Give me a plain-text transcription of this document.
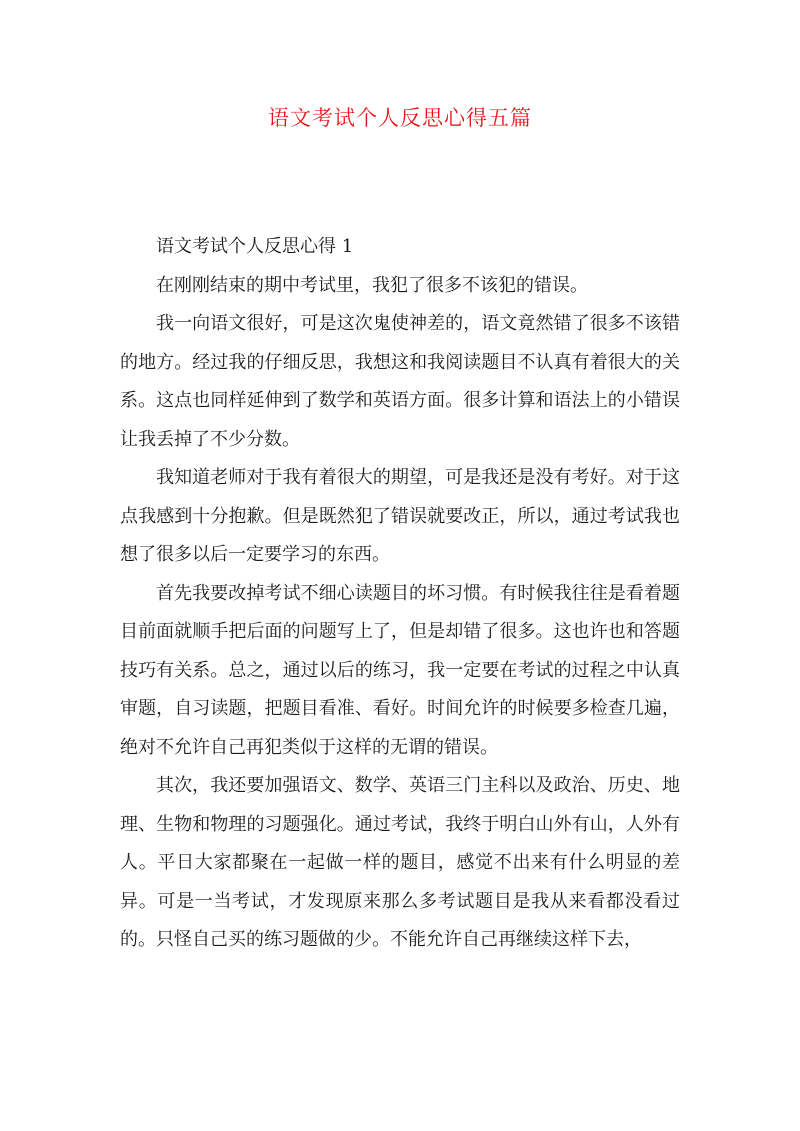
语文考试个人反思心得五篇

语文考试个人反思心得 1

在刚刚结束的期中考试里，我犯了很多不该犯的错误。

我一向语文很好，可是这次鬼使神差的，语文竟然错了很多不该错的地方。经过我的仔细反思，我想这和我阅读题目不认真有着很大的关系。这点也同样延伸到了数学和英语方面。很多计算和语法上的小错误让我丢掉了不少分数。

我知道老师对于我有着很大的期望，可是我还是没有考好。对于这点我感到十分抱歉。但是既然犯了错误就要改正，所以，通过考试我也想了很多以后一定要学习的东西。

首先我要改掉考试不细心读题目的坏习惯。有时候我往往是看着题目前面就顺手把后面的问题写上了，但是却错了很多。这也许也和答题技巧有关系。总之，通过以后的练习，我一定要在考试的过程之中认真审题，自习读题，把题目看准、看好。时间允许的时候要多检查几遍，绝对不允许自己再犯类似于这样的无谓的错误。

其次，我还要加强语文、数学、英语三门主科以及政治、历史、地理、生物和物理的习题强化。通过考试，我终于明白山外有山，人外有人。平日大家都聚在一起做一样的题目，感觉不出来有什么明显的差异。可是一当考试，才发现原来那么多考试题目是我从来看都没看过的。只怪自己买的练习题做的少。不能允许自己再继续这样下去，
